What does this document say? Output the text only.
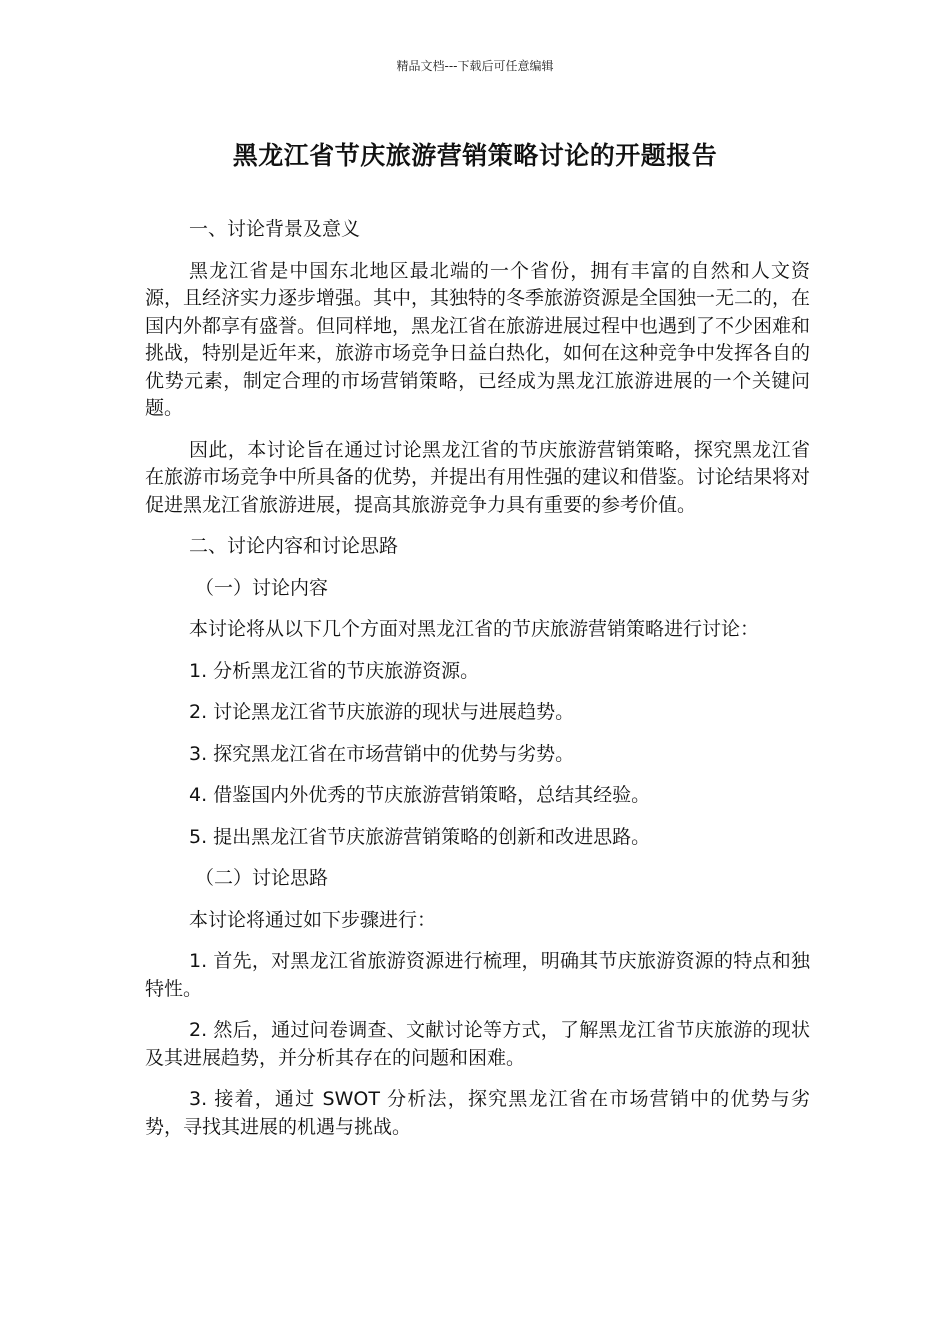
精品文档---下载后可任意编辑
黑龙江省节庆旅游营销策略讨论的开题报告

一、讨论背景及意义

黑龙江省是中国东北地区最北端的一个省份，拥有丰富的自然和人文资源，且经济实力逐步增强。其中，其独特的冬季旅游资源是全国独一无二的，在国内外都享有盛誉。但同样地，黑龙江省在旅游进展过程中也遇到了不少困难和挑战，特别是近年来，旅游市场竞争日益白热化，如何在这种竞争中发挥各自的优势元素，制定合理的市场营销策略，已经成为黑龙江旅游进展的一个关键问题。

因此，本讨论旨在通过讨论黑龙江省的节庆旅游营销策略，探究黑龙江省在旅游市场竞争中所具备的优势，并提出有用性强的建议和借鉴。讨论结果将对促进黑龙江省旅游进展，提高其旅游竞争力具有重要的参考价值。

二、讨论内容和讨论思路

（一）讨论内容

本讨论将从以下几个方面对黑龙江省的节庆旅游营销策略进行讨论：

1. 分析黑龙江省的节庆旅游资源。

2. 讨论黑龙江省节庆旅游的现状与进展趋势。

3. 探究黑龙江省在市场营销中的优势与劣势。

4. 借鉴国内外优秀的节庆旅游营销策略，总结其经验。

5. 提出黑龙江省节庆旅游营销策略的创新和改进思路。

（二）讨论思路

本讨论将通过如下步骤进行：

1. 首先，对黑龙江省旅游资源进行梳理，明确其节庆旅游资源的特点和独特性。

2. 然后，通过问卷调查、文献讨论等方式，了解黑龙江省节庆旅游的现状及其进展趋势，并分析其存在的问题和困难。

3. 接着，通过 SWOT 分析法，探究黑龙江省在市场营销中的优势与劣势，寻找其进展的机遇与挑战。
